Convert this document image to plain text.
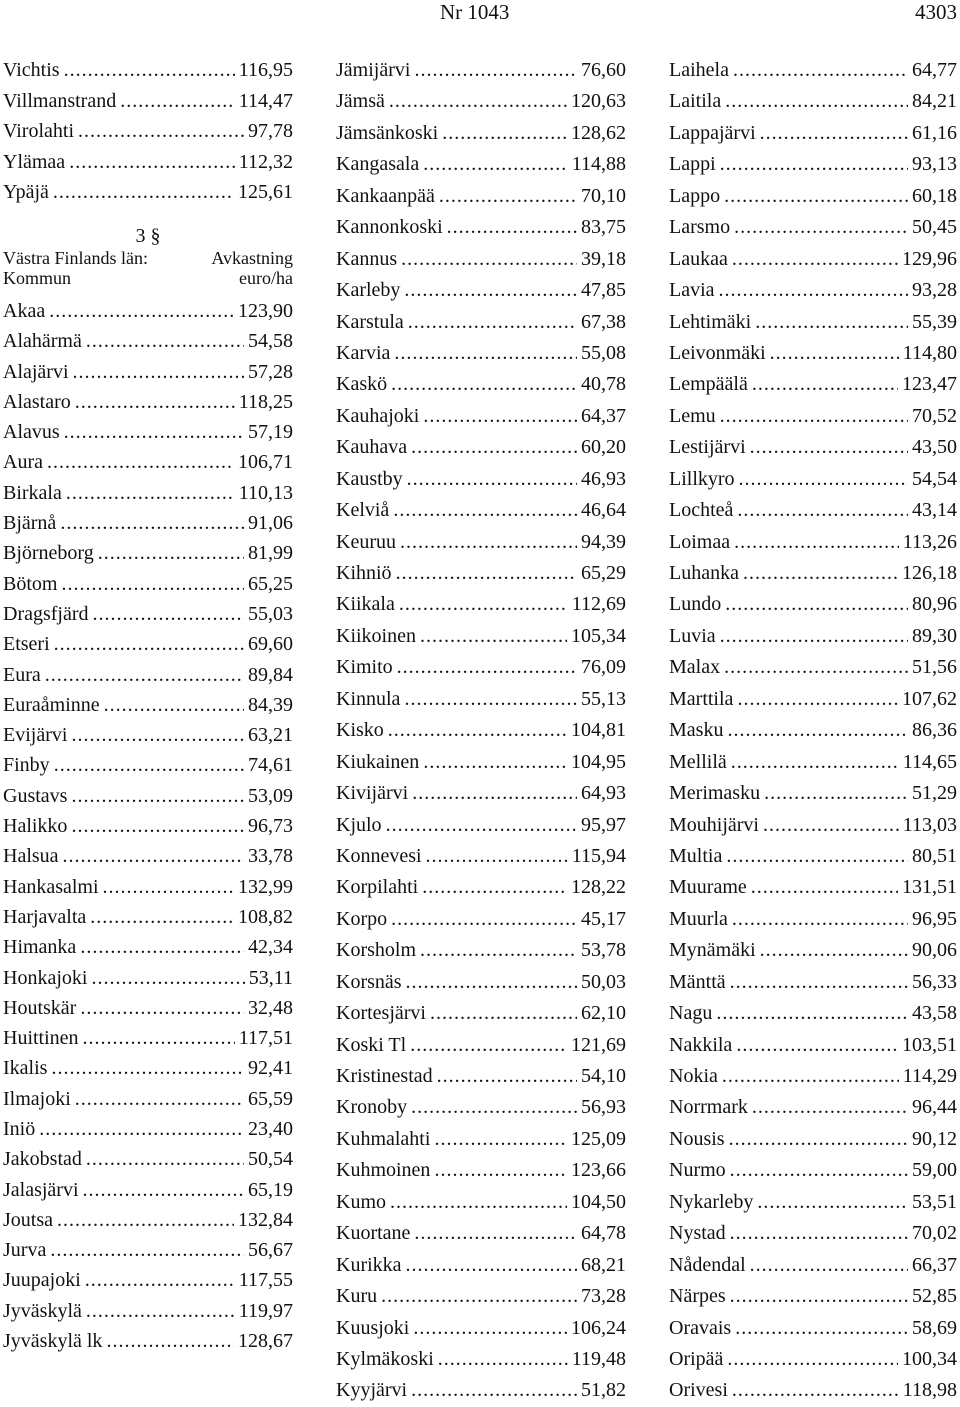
Nr 1043	4303
Vichtis .....	116,95
Villmanstrand .....	114,47
Virolahti .....	97,78
Ylämaa .....	112,32
Ypäjä .....	125,61
3 §
Västra Finlands län:	Avkastning
Kommun	euro/ha
Akaa .....	123,90
Alahärmä .....	54,58
Alajärvi .....	57,28
Alastaro .....	118,25
Alavus .....	57,19
Aura .....	106,71
Birkala .....	110,13
Bjärnå .....	91,06
Björneborg .....	81,99
Bötom .....	65,25
Dragsfjärd .....	55,03
Etseri .....	69,60
Eura .....	89,84
Euraåminne .....	84,39
Evijärvi .....	63,21
Finby .....	74,61
Gustavs .....	53,09
Halikko .....	96,73
Halsua .....	33,78
Hankasalmi .....	132,99
Harjavalta .....	108,82
Himanka .....	42,34
Honkajoki .....	53,11
Houtskär .....	32,48
Huittinen .....	117,51
Ikalis .....	92,41
Ilmajoki .....	65,59
Iniö .....	23,40
Jakobstad .....	50,54
Jalasjärvi .....	65,19
Joutsa .....	132,84
Jurva .....	56,67
Juupajoki .....	117,55
Jyväskylä .....	119,97
Jyväskylä lk .....	128,67
Jämijärvi .....	76,60
Jämsä .....	120,63
Jämsänkoski .....	128,62
Kangasala .....	114,88
Kankaanpää .....	70,10
Kannonkoski .....	83,75
Kannus .....	39,18
Karleby .....	47,85
Karstula .....	67,38
Karvia .....	55,08
Kaskö .....	40,78
Kauhajoki .....	64,37
Kauhava .....	60,20
Kaustby .....	46,93
Kelviå .....	46,64
Keuruu .....	94,39
Kihniö .....	65,29
Kiikala .....	112,69
Kiikoinen .....	105,34
Kimito .....	76,09
Kinnula .....	55,13
Kisko .....	104,81
Kiukainen .....	104,95
Kivijärvi .....	64,93
Kjulo .....	95,97
Konnevesi .....	115,94
Korpilahti .....	128,22
Korpo .....	45,17
Korsholm .....	53,78
Korsnäs .....	50,03
Kortesjärvi .....	62,10
Koski Tl .....	121,69
Kristinestad .....	54,10
Kronoby .....	56,93
Kuhmalahti .....	125,09
Kuhmoinen .....	123,66
Kumo .....	104,50
Kuortane .....	64,78
Kurikka .....	68,21
Kuru .....	73,28
Kuusjoki .....	106,24
Kylmäkoski .....	119,48
Kyyjärvi .....	51,82
Laihela .....	64,77
Laitila .....	84,21
Lappajärvi .....	61,16
Lappi .....	93,13
Lappo .....	60,18
Larsmo .....	50,45
Laukaa .....	129,96
Lavia .....	93,28
Lehtimäki .....	55,39
Leivonmäki .....	114,80
Lempäälä .....	123,47
Lemu .....	70,52
Lestijärvi .....	43,50
Lillkyro .....	54,54
Lochteå .....	43,14
Loimaa .....	113,26
Luhanka .....	126,18
Lundo .....	80,96
Luvia .....	89,30
Malax .....	51,56
Marttila .....	107,62
Masku .....	86,36
Mellilä .....	114,65
Merimasku .....	51,29
Mouhijärvi .....	113,03
Multia .....	80,51
Muurame .....	131,51
Muurla .....	96,95
Mynämäki .....	90,06
Mänttä .....	56,33
Nagu .....	43,58
Nakkila .....	103,51
Nokia .....	114,29
Norrmark .....	96,44
Nousis .....	90,12
Nurmo .....	59,00
Nykarleby .....	53,51
Nystad .....	70,02
Nådendal .....	66,37
Närpes .....	52,85
Oravais .....	58,69
Oripää .....	100,34
Orivesi .....	118,98
